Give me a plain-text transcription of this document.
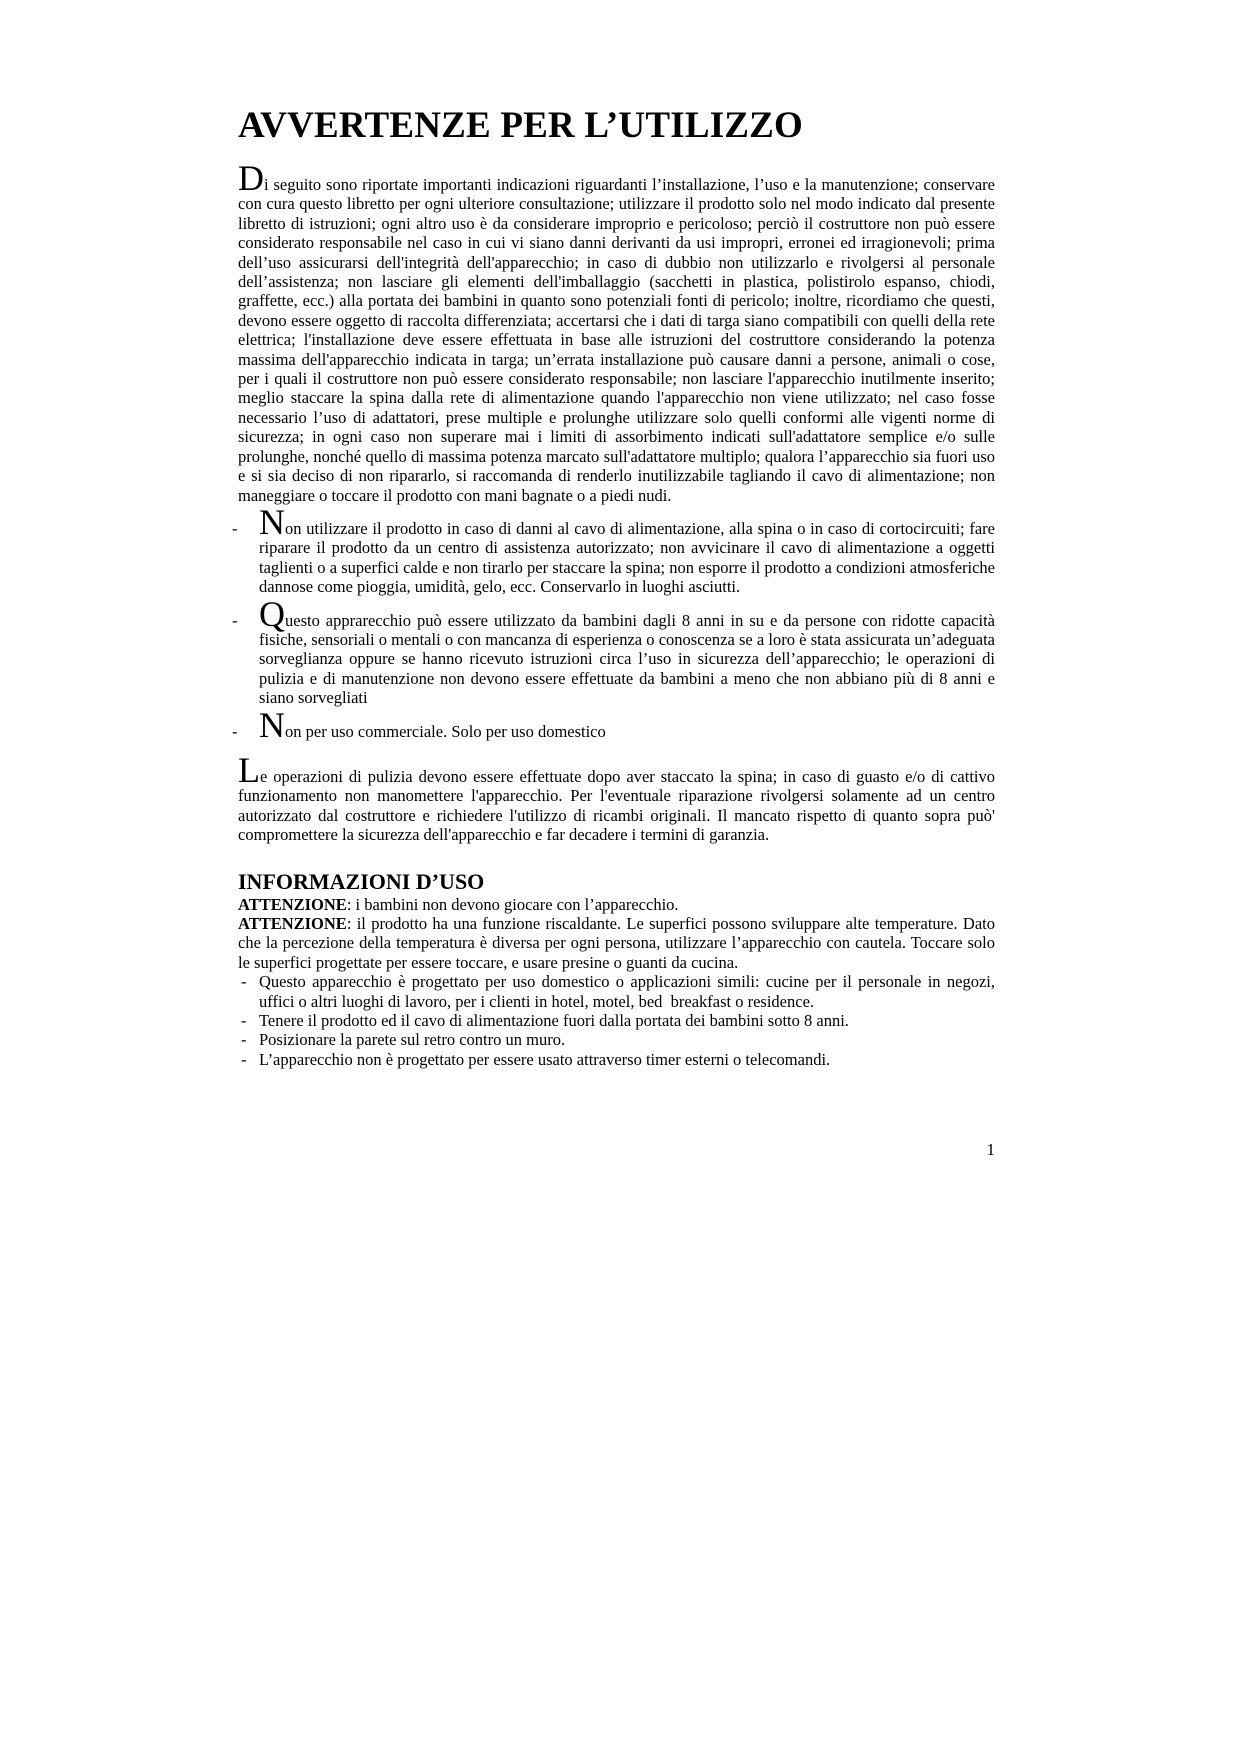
AVVERTENZE PER L’UTILIZZO

Di seguito sono riportate importanti indicazioni riguardanti l’installazione, l’uso e la manutenzione; conservare con cura questo libretto per ogni ulteriore consultazione; utilizzare il prodotto solo nel modo indicato dal presente libretto di istruzioni; ogni altro uso è da considerare improprio e pericoloso; perciò il costruttore non può essere considerato responsabile nel caso in cui vi siano danni derivanti da usi impropri, erronei ed irragionevoli; prima dell’uso assicurarsi dell'integrità dell'apparecchio; in caso di dubbio non utilizzarlo e rivolgersi al personale dell’assistenza; non lasciare gli elementi dell'imballaggio (sacchetti in plastica, polistirolo espanso, chiodi, graffette, ecc.) alla portata dei bambini in quanto sono potenziali fonti di pericolo; inoltre, ricordiamo che questi, devono essere oggetto di raccolta differenziata; accertarsi che i dati di targa siano compatibili con quelli della rete elettrica; l'installazione deve essere effettuata in base alle istruzioni del costruttore considerando la potenza massima dell'apparecchio indicata in targa; un’errata installazione può causare danni a persone, animali o cose, per i quali il costruttore non può essere considerato responsabile; non lasciare l'apparecchio inutilmente inserito; meglio staccare la spina dalla rete di alimentazione quando l'apparecchio non viene utilizzato; nel caso fosse necessario l’uso di adattatori, prese multiple e prolunghe utilizzare solo quelli conformi alle vigenti norme di sicurezza; in ogni caso non superare mai i limiti di assorbimento indicati sull'adattatore semplice e/o sulle prolunghe, nonché quello di massima potenza marcato sull'adattatore multiplo; qualora l’apparecchio sia fuori uso e si sia deciso di non ripararlo, si raccomanda di renderlo inutilizzabile tagliando il cavo di alimentazione; non maneggiare o toccare il prodotto con mani bagnate o a piedi nudi.

- Non utilizzare il prodotto in caso di danni al cavo di alimentazione, alla spina o in caso di cortocircuiti; fare riparare il prodotto da un centro di assistenza autorizzato; non avvicinare il cavo di alimentazione a oggetti taglienti o a superfici calde e non tirarlo per staccare la spina; non esporre il prodotto a condizioni atmosferiche dannose come pioggia, umidità, gelo, ecc. Conservarlo in luoghi asciutti.

- Questo apprarecchio può essere utilizzato da bambini dagli 8 anni in su e da persone con ridotte capacità fisiche, sensoriali o mentali o con mancanza di esperienza o conoscenza se a loro è stata assicurata un’adeguata sorveglianza oppure se hanno ricevuto istruzioni circa l’uso in sicurezza dell’apparecchio; le operazioni di pulizia e di manutenzione non devono essere effettuate da bambini a meno che non abbiano più di 8 anni e siano sorvegliati

- Non per uso commerciale. Solo per uso domestico

Le operazioni di pulizia devono essere effettuate dopo aver staccato la spina; in caso di guasto e/o di cattivo funzionamento non manomettere l'apparecchio. Per l'eventuale riparazione rivolgersi solamente ad un centro autorizzato dal costruttore e richiedere l'utilizzo di ricambi originali. Il mancato rispetto di quanto sopra può' compromettere la sicurezza dell'apparecchio e far decadere i termini di garanzia.

INFORMAZIONI D’USO

ATTENZIONE: i bambini non devono giocare con l’apparecchio.

ATTENZIONE: il prodotto ha una funzione riscaldante. Le superfici possono sviluppare alte temperature. Dato che la percezione della temperatura è diversa per ogni persona, utilizzare l’apparecchio con cautela. Toccare solo le superfici progettate per essere toccare, e usare presine o guanti da cucina.

- Questo apparecchio è progettato per uso domestico o applicazioni simili: cucine per il personale in negozi, uffici o altri luoghi di lavoro, per i clienti in hotel, motel, bed  breakfast o residence.

- Tenere il prodotto ed il cavo di alimentazione fuori dalla portata dei bambini sotto 8 anni.

- Posizionare la parete sul retro contro un muro.

- L’apparecchio non è progettato per essere usato attraverso timer esterni o telecomandi.

1
